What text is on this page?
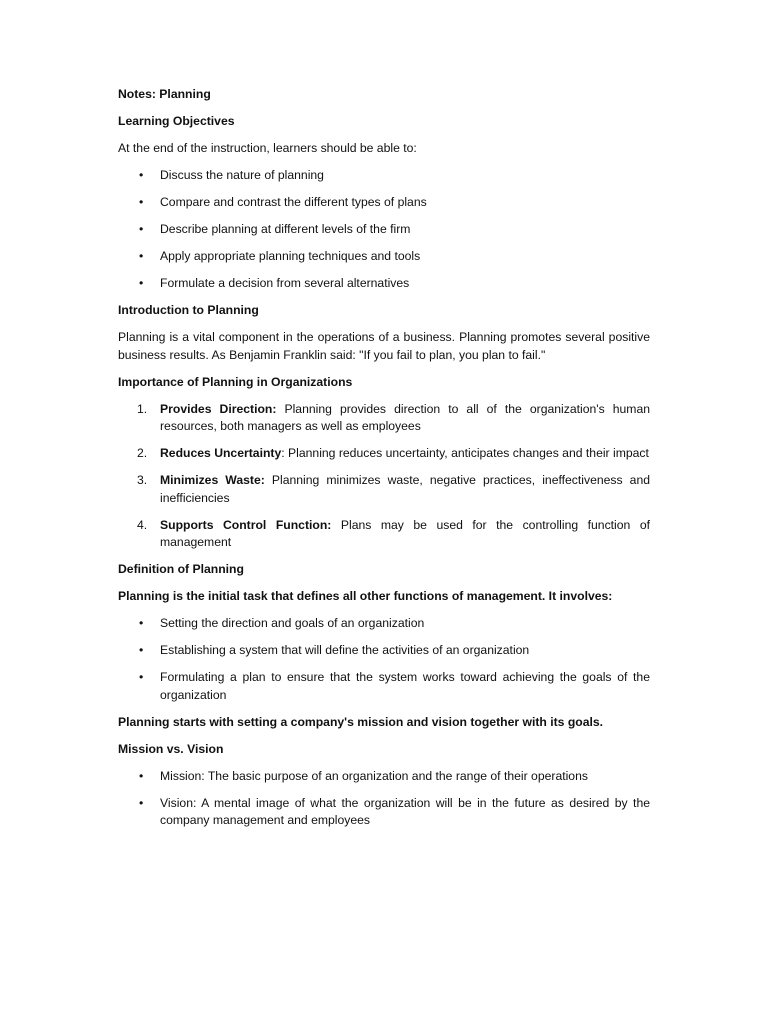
Notes: Planning

Learning Objectives

At the end of the instruction, learners should be able to:

• Discuss the nature of planning
• Compare and contrast the different types of plans
• Describe planning at different levels of the firm
• Apply appropriate planning techniques and tools
• Formulate a decision from several alternatives

Introduction to Planning

Planning is a vital component in the operations of a business. Planning promotes several positive business results. As Benjamin Franklin said: "If you fail to plan, you plan to fail."

Importance of Planning in Organizations

1. Provides Direction: Planning provides direction to all of the organization's human resources, both managers as well as employees
2. Reduces Uncertainty: Planning reduces uncertainty, anticipates changes and their impact
3. Minimizes Waste: Planning minimizes waste, negative practices, ineffectiveness and inefficiencies
4. Supports Control Function: Plans may be used for the controlling function of management

Definition of Planning

Planning is the initial task that defines all other functions of management. It involves:

• Setting the direction and goals of an organization
• Establishing a system that will define the activities of an organization
• Formulating a plan to ensure that the system works toward achieving the goals of the organization

Planning starts with setting a company's mission and vision together with its goals.

Mission vs. Vision

• Mission: The basic purpose of an organization and the range of their operations
• Vision: A mental image of what the organization will be in the future as desired by the company management and employees
